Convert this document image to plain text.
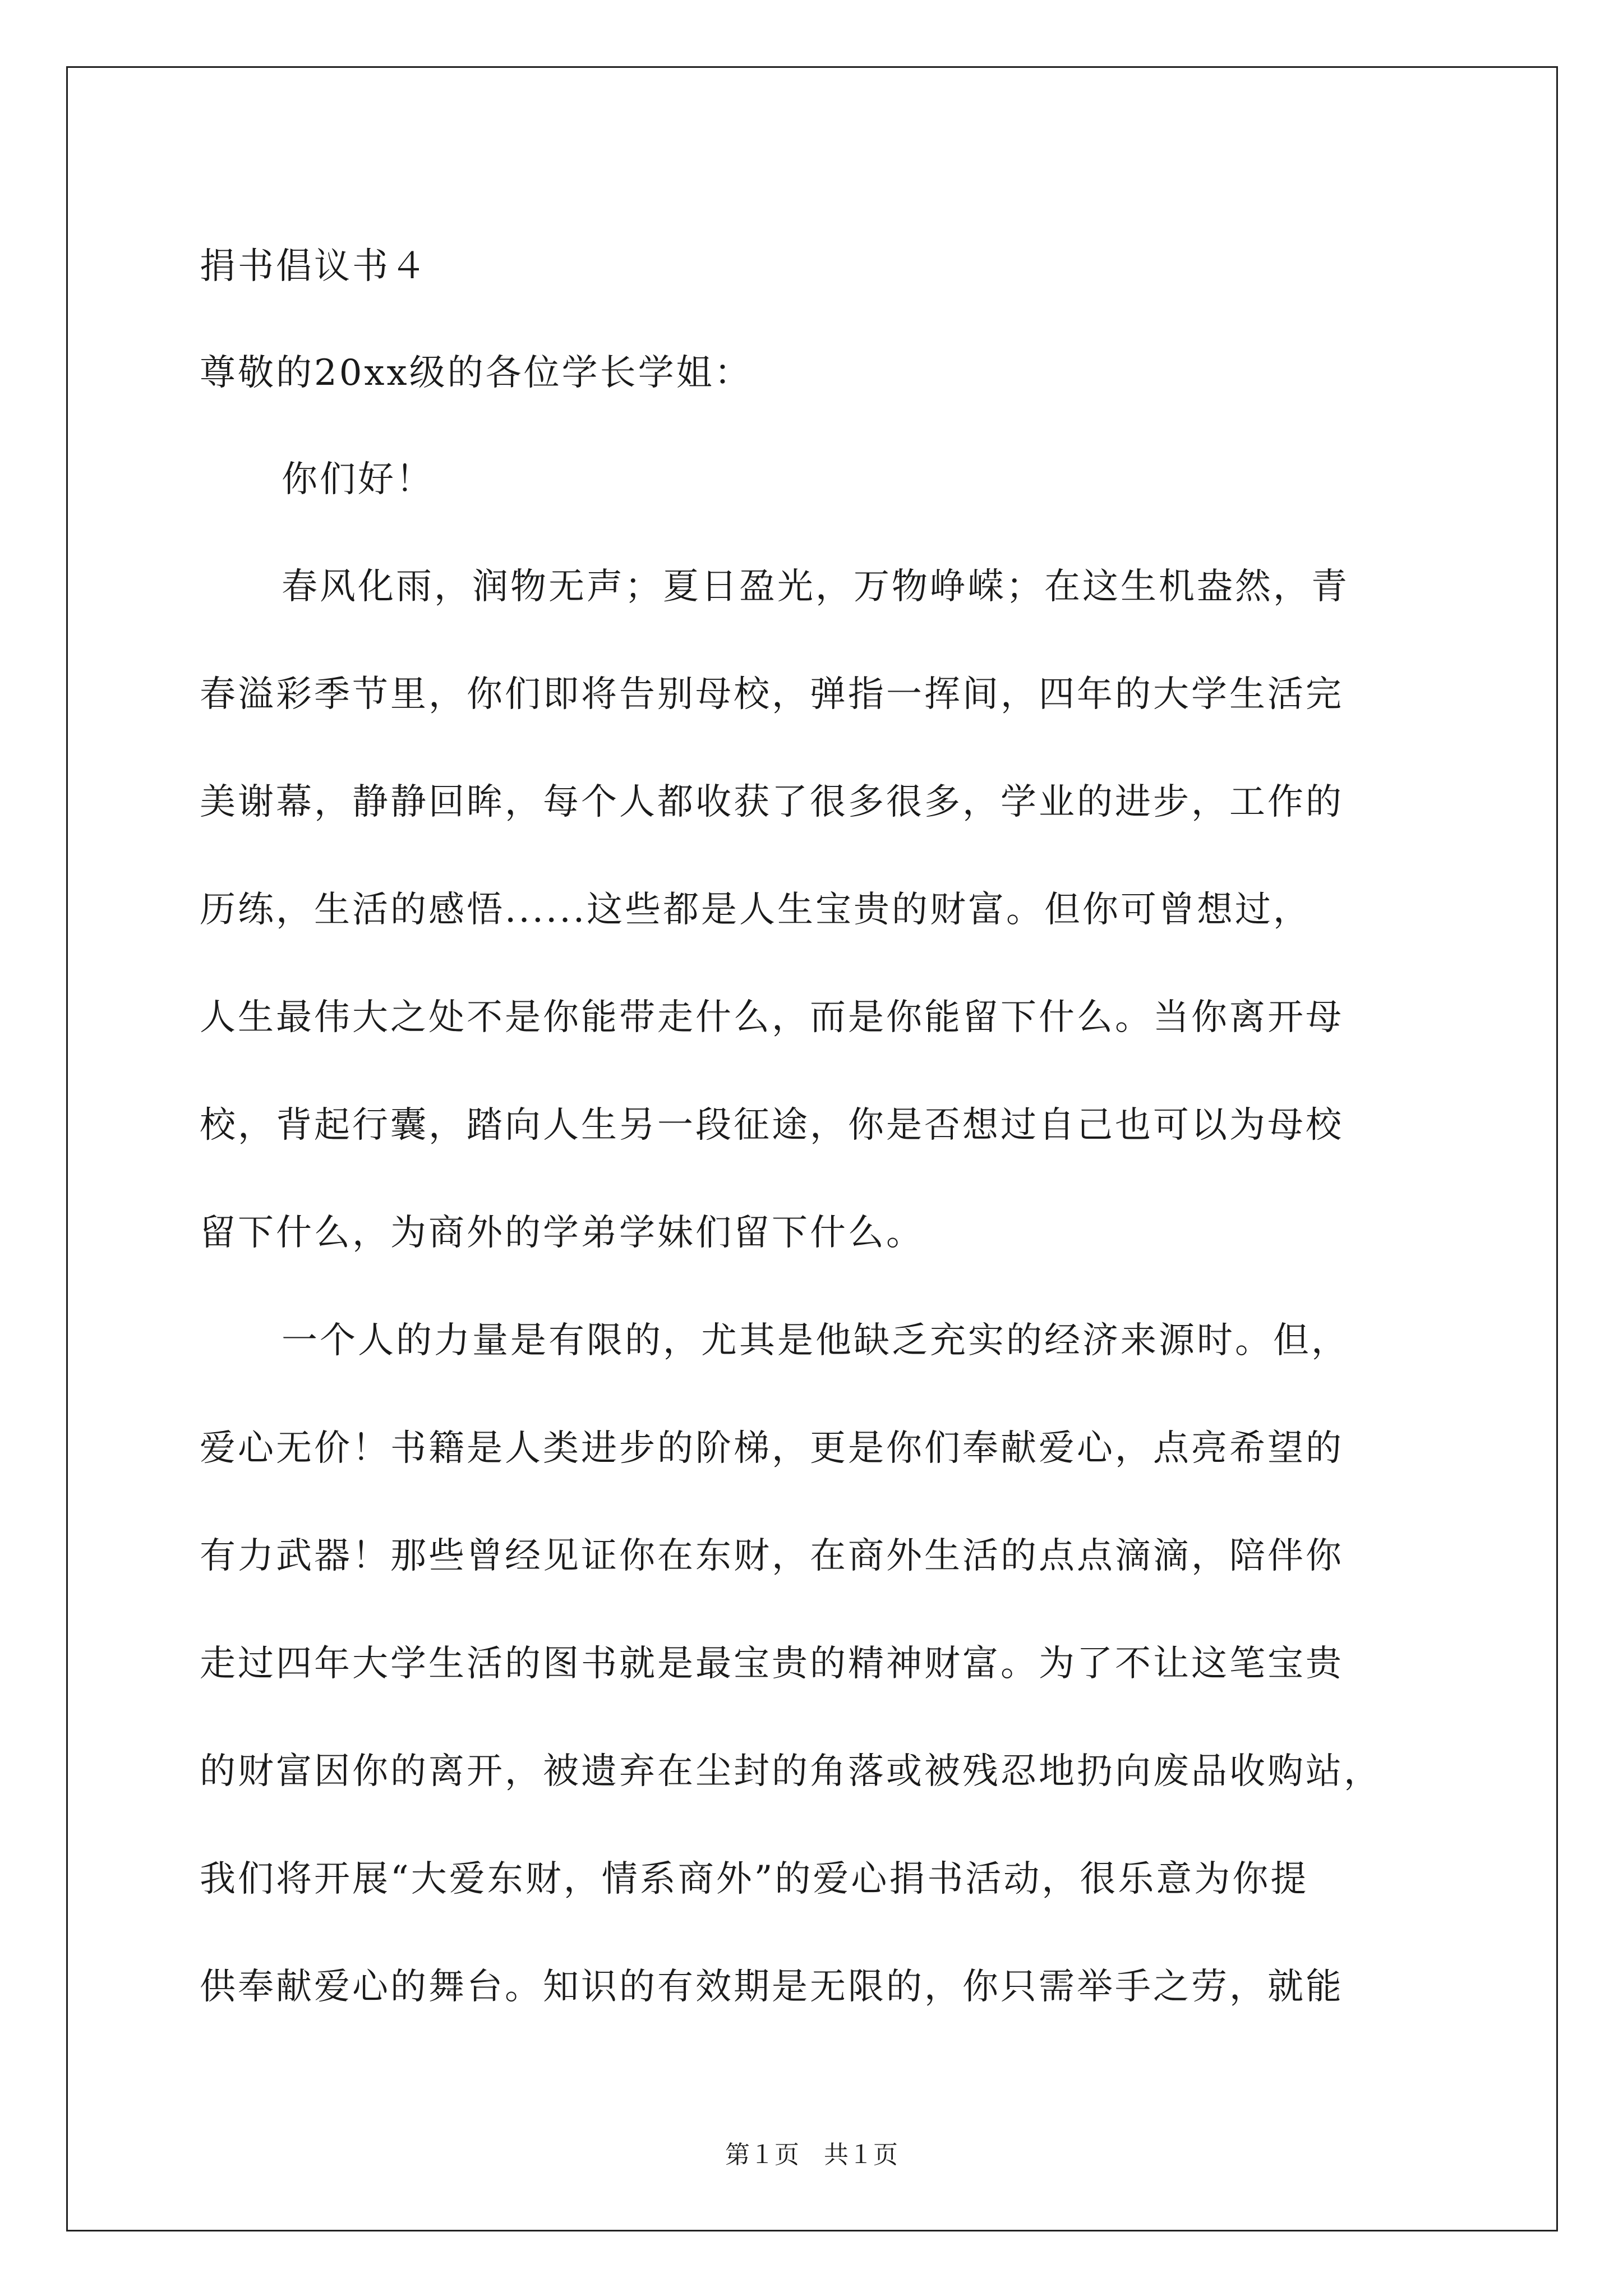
捐书倡议书４
尊敬的20xx级的各位学长学姐：
你们好！
春风化雨，润物无声；夏日盈光，万物峥嵘；在这生机盎然，青
春溢彩季节里，你们即将告别母校，弹指一挥间，四年的大学生活完
美谢幕，静静回眸，每个人都收获了很多很多，学业的进步，工作的
历练，生活的感悟......这些都是人生宝贵的财富。但你可曾想过，
人生最伟大之处不是你能带走什么，而是你能留下什么。当你离开母
校，背起行囊，踏向人生另一段征途，你是否想过自己也可以为母校
留下什么，为商外的学弟学妹们留下什么。
一个人的力量是有限的，尤其是他缺乏充实的经济来源时。但，
爱心无价！书籍是人类进步的阶梯，更是你们奉献爱心，点亮希望的
有力武器！那些曾经见证你在东财，在商外生活的点点滴滴，陪伴你
走过四年大学生活的图书就是最宝贵的精神财富。为了不让这笔宝贵
的财富因你的离开，被遗弃在尘封的角落或被残忍地扔向废品收购站，
我们将开展“大爱东财，情系商外”的爱心捐书活动，很乐意为你提
供奉献爱心的舞台。知识的有效期是无限的，你只需举手之劳，就能
第１页　共１页
